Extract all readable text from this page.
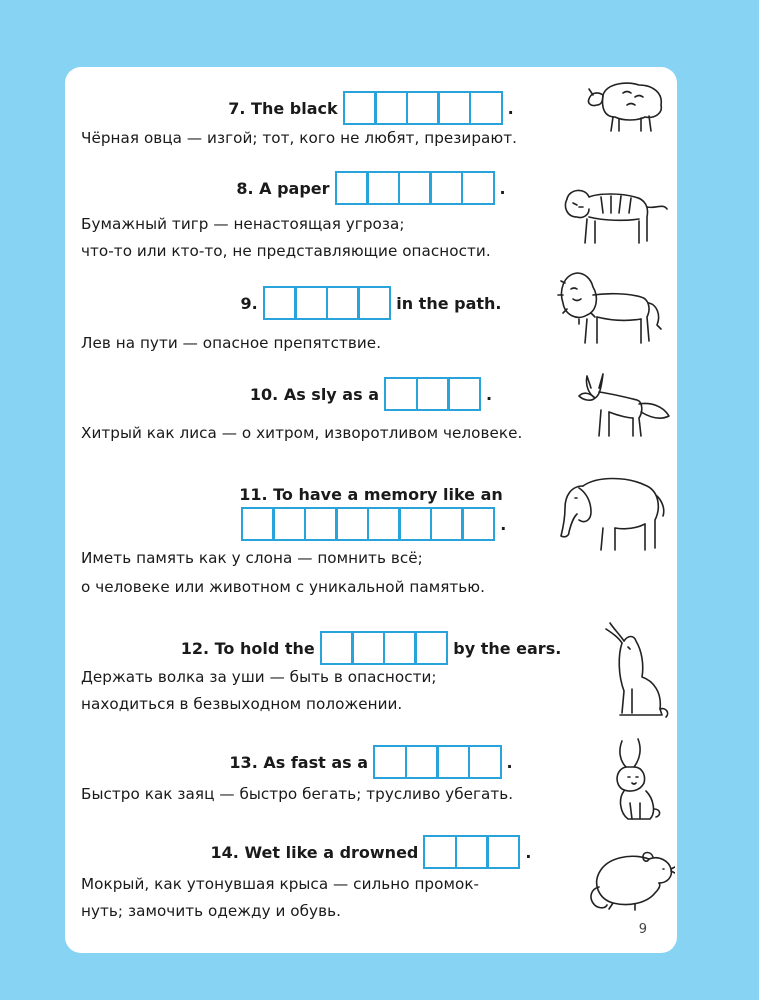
7. The black	.
Чёрная овца — изгой; тот, кого не любят, презирают.
8. A paper	.
Бумажный тигр — ненастоящая угроза;
что-то или кто-то, не представляющие опасности.
9.	in the path.
Лев на пути — опасное препятствие.
10. As sly as a	.
Хитрый как лиса — о хитром, изворотливом человеке.
11. To have a memory like an
.
Иметь память как у слона — помнить всё;
о человеке или животном с уникальной памятью.
12. To hold the	by the ears.
Держать волка за уши — быть в опасности;
находиться в безвыходном положении.
13. As fast as a	.
Быстро как заяц — быстро бегать; трусливо убегать.
14. Wet like a drowned	.
Мокрый, как утонувшая крыса — сильно промок-
нуть; замочить одежду и обувь.
9
